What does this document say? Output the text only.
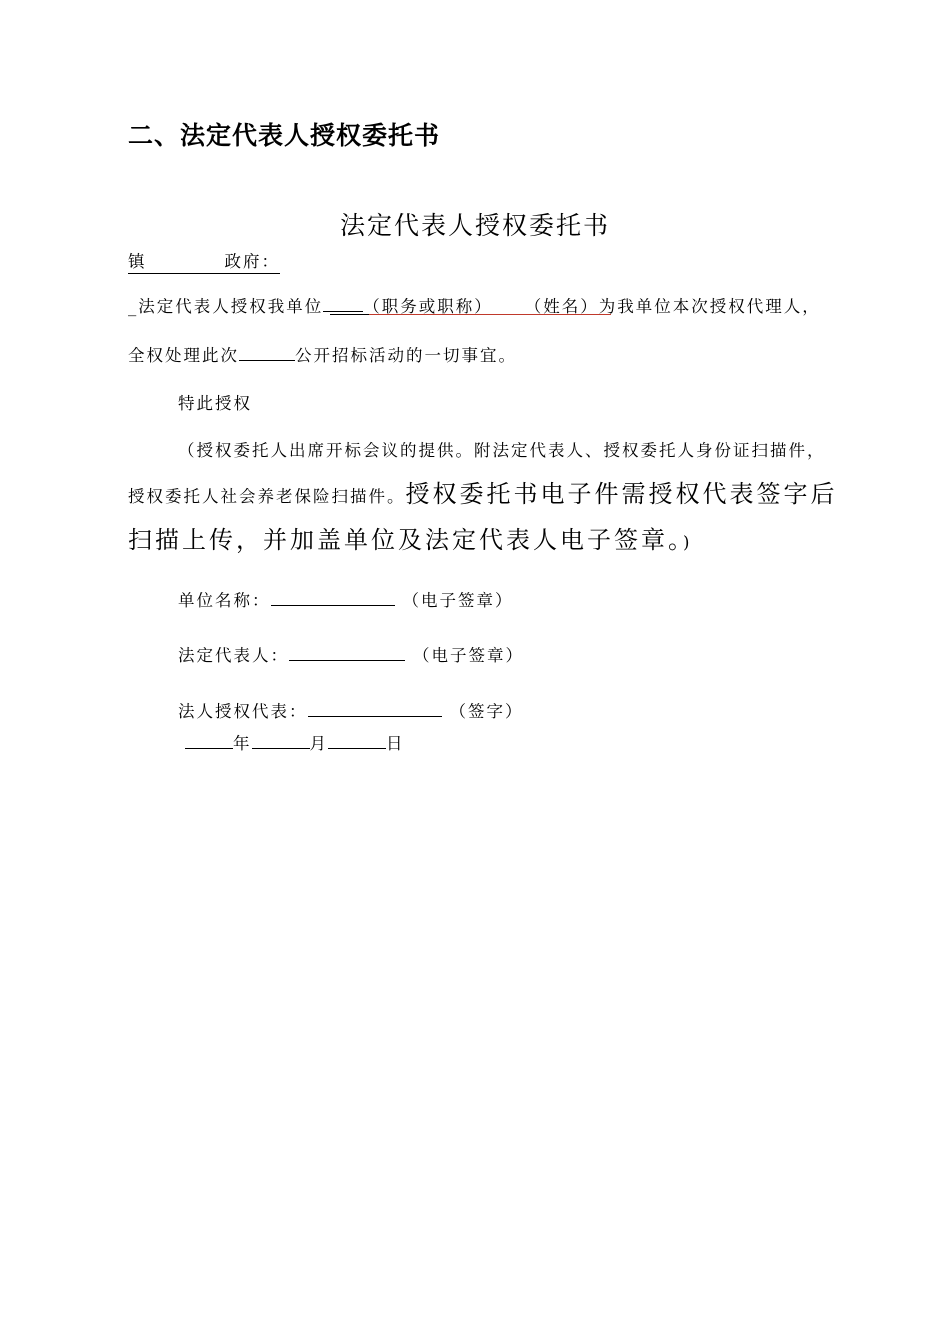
二、法定代表人授权委托书
法定代表人授权委托书
镇	政府：
_法定代表人授权我单位 （职务或职称） （姓名）为我单位本次授权代理人，
全权处理此次	公开招标活动的一切事宜。
特此授权
（授权委托人出席开标会议的提供。附法定代表人、授权委托人身份证扫描件，
授权委托人社会养老保险扫描件。授权委托书电子件需授权代表签字后
扫描上传，并加盖单位及法定代表人电子签章。)
单位名称：	（电子签章）
法定代表人：	（电子签章）
法人授权代表：	（签字）
年	月	日
